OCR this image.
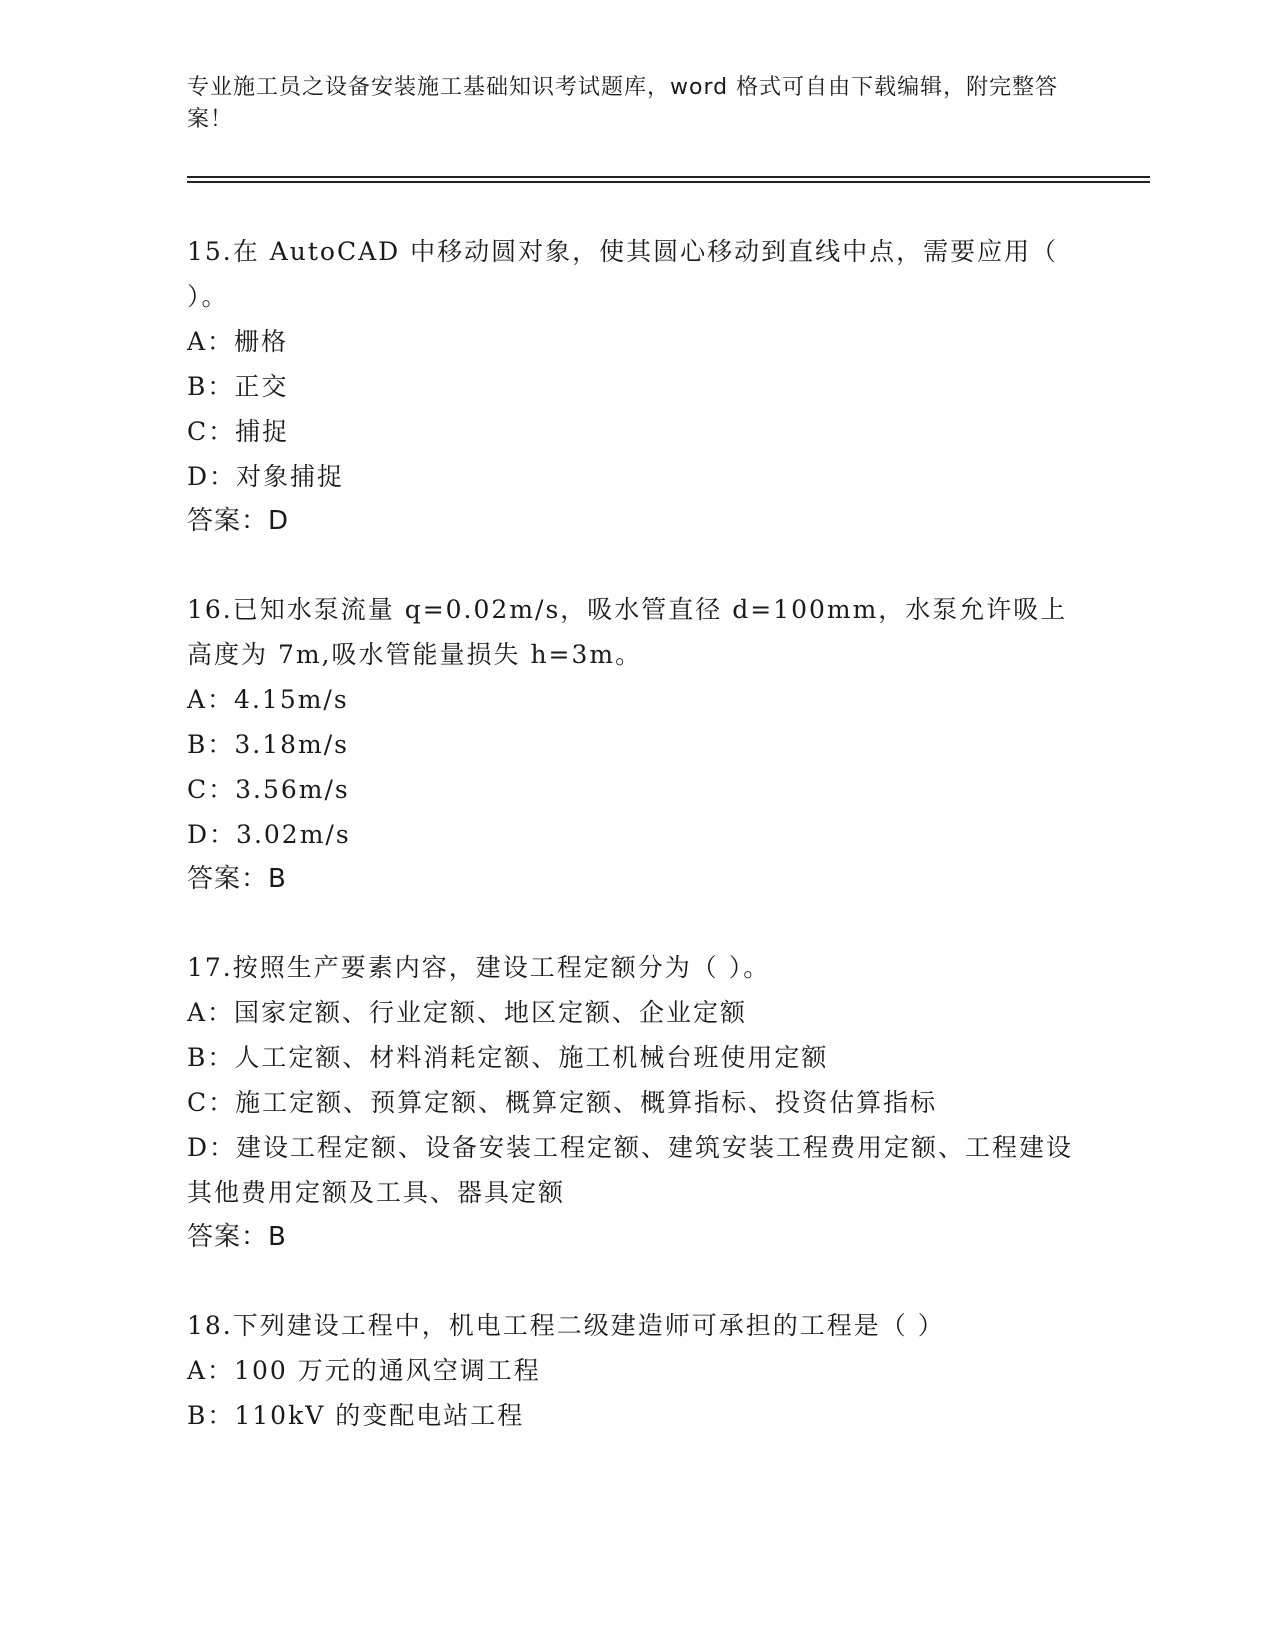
专业施工员之设备安装施工基础知识考试题库，word 格式可自由下载编辑，附完整答案！

15.在 AutoCAD 中移动圆对象，使其圆心移动到直线中点，需要应用（ ）。

A：栅格

B：正交

C：捕捉

D：对象捕捉

答案：D

16.已知水泵流量 q=0.02m/s，吸水管直径 d=100mm，水泵允许吸上高度为 7m,吸水管能量损失 h=3m。

A：4.15m/s

B：3.18m/s

C：3.56m/s

D：3.02m/s

答案：B

17.按照生产要素内容，建设工程定额分为（ ）。

A：国家定额、行业定额、地区定额、企业定额

B：人工定额、材料消耗定额、施工机械台班使用定额

C：施工定额、预算定额、概算定额、概算指标、投资估算指标

D：建设工程定额、设备安装工程定额、建筑安装工程费用定额、工程建设其他费用定额及工具、器具定额

答案：B

18.下列建设工程中，机电工程二级建造师可承担的工程是（ ）

A：100 万元的通风空调工程

B：110kV 的变配电站工程
